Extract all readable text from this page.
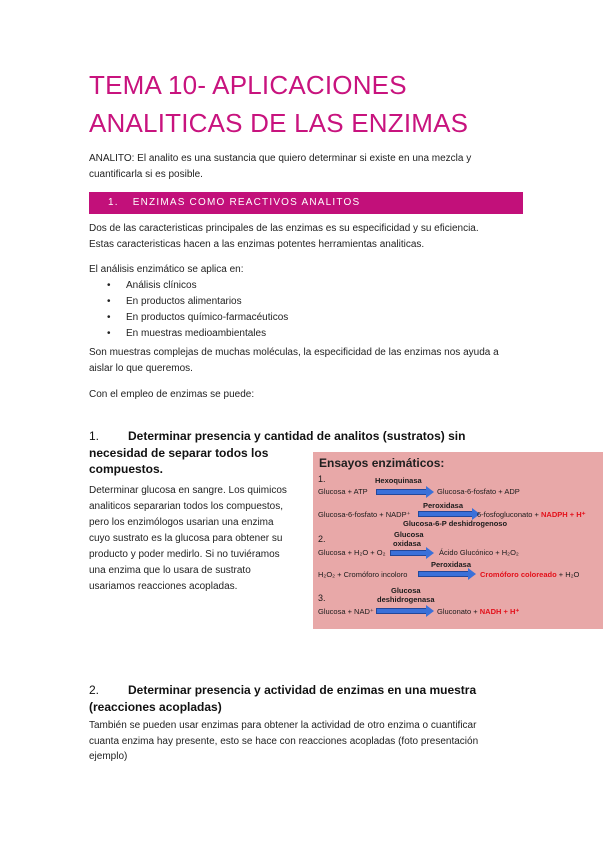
TEMA 10- APLICACIONES
ANALITICAS DE LAS ENZIMAS

ANALITO: El analito es una sustancia que quiero determinar si existe en una mezcla y
cuantificarla si es posible.

1. ENZIMAS COMO REACTIVOS ANALITOS

Dos de las caracteristicas principales de las enzimas es su especificidad y su eficiencia.
Estas caracteristicas hacen a las enzimas potentes herramientas analiticas.

El análisis enzimático se aplica en:

• Análisis clínicos
• En productos alimentarios
• En productos químico-farmacéuticos
• En muestras medioambientales

Son muestras complejas de muchas moléculas, la especificidad de las enzimas nos ayuda a
aislar lo que queremos.

Con el empleo de enzimas se puede:

1. Determinar presencia y cantidad de analitos (sustratos) sin
necesidad de separar todos los
compuestos.

Determinar glucosa en sangre. Los quimicos
analiticos separarian todos los compuestos,
pero los enzimólogos usarian una enzima
cuyo sustrato es la glucosa para obtener su
producto y poder medirlo. Si no tuviéramos
una enzima que lo usara de sustrato
usariamos reacciones acopladas.

Ensayos enzimáticos:
1.	Hexoquinasa
Glucosa + ATP	Glucosa-6-fosfato + ADP
Peroxidasa
Glucosa-6-fosfato + NADP⁺	6-fosfogluconato + NADPH + H⁺
Glucosa-6-P deshidrogenoso
2.	Glucosa
oxidasa
Glucosa + H₂O + O₂	Ácido Glucónico + H₂O₂
Peroxidasa
H₂O₂ + Cromóforo incoloro	Cromóforo coloreado + H₂O
3.
Glucosa
deshidrogenasa
Glucosa + NAD⁺	Gluconato + NADH + H⁺
2. Determinar presencia y actividad de enzimas en una muestra
(reacciones acopladas)

También se pueden usar enzimas para obtener la actividad de otro enzima o cuantificar
cuanta enzima hay presente, esto se hace con reacciones acopladas (foto presentación
ejemplo)
